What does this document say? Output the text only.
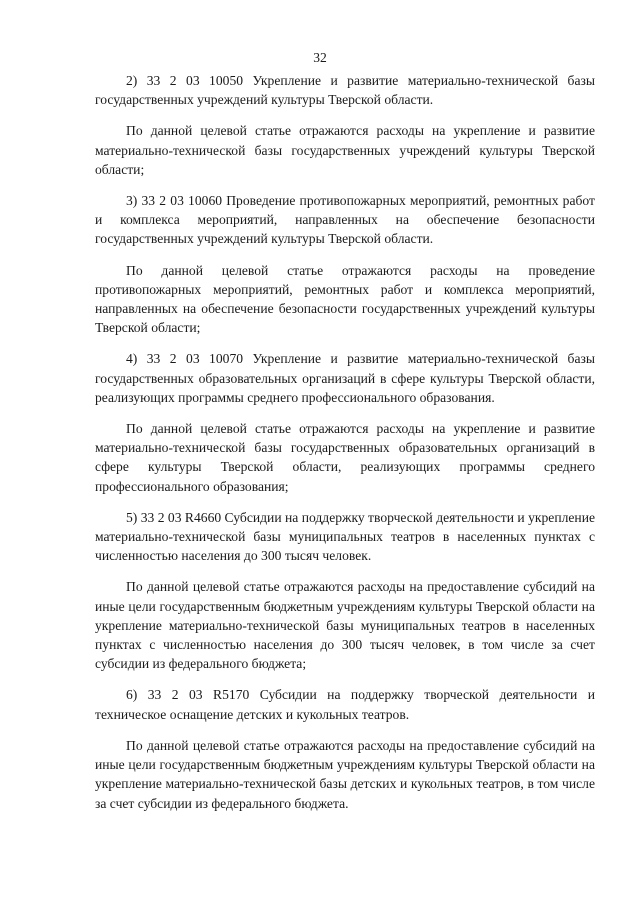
32

2) 33 2 03 10050 Укрепление и развитие материально-технической базы государственных учреждений культуры Тверской области.

По данной целевой статье отражаются расходы на укрепление и развитие материально-технической базы государственных учреждений культуры Тверской области;

3) 33 2 03 10060 Проведение противопожарных мероприятий, ремонтных работ и комплекса мероприятий, направленных на обеспечение безопасности государственных учреждений культуры Тверской области.

По данной целевой статье отражаются расходы на проведение противопожарных мероприятий, ремонтных работ и комплекса мероприятий, направленных на обеспечение безопасности государственных учреждений культуры Тверской области;

4) 33 2 03 10070 Укрепление и развитие материально-технической базы государственных образовательных организаций в сфере культуры Тверской области, реализующих программы среднего профессионального образования.

По данной целевой статье отражаются расходы на укрепление и развитие материально-технической базы государственных образовательных организаций в сфере культуры Тверской области, реализующих программы среднего профессионального образования;

5) 33 2 03 R4660 Субсидии на поддержку творческой деятельности и укрепление материально-технической базы муниципальных театров в населенных пунктах с численностью населения до 300 тысяч человек.

По данной целевой статье отражаются расходы на предоставление субсидий на иные цели государственным бюджетным учреждениям культуры Тверской области на укрепление материально-технической базы муниципальных театров в населенных пунктах с численностью населения до 300 тысяч человек, в том числе за счет субсидии из федерального бюджета;

6) 33 2 03 R5170 Субсидии на поддержку творческой деятельности и техническое оснащение детских и кукольных театров.

По данной целевой статье отражаются расходы на предоставление субсидий на иные цели государственным бюджетным учреждениям культуры Тверской области на укрепление материально-технической базы детских и кукольных театров, в том числе за счет субсидии из федерального бюджета.
